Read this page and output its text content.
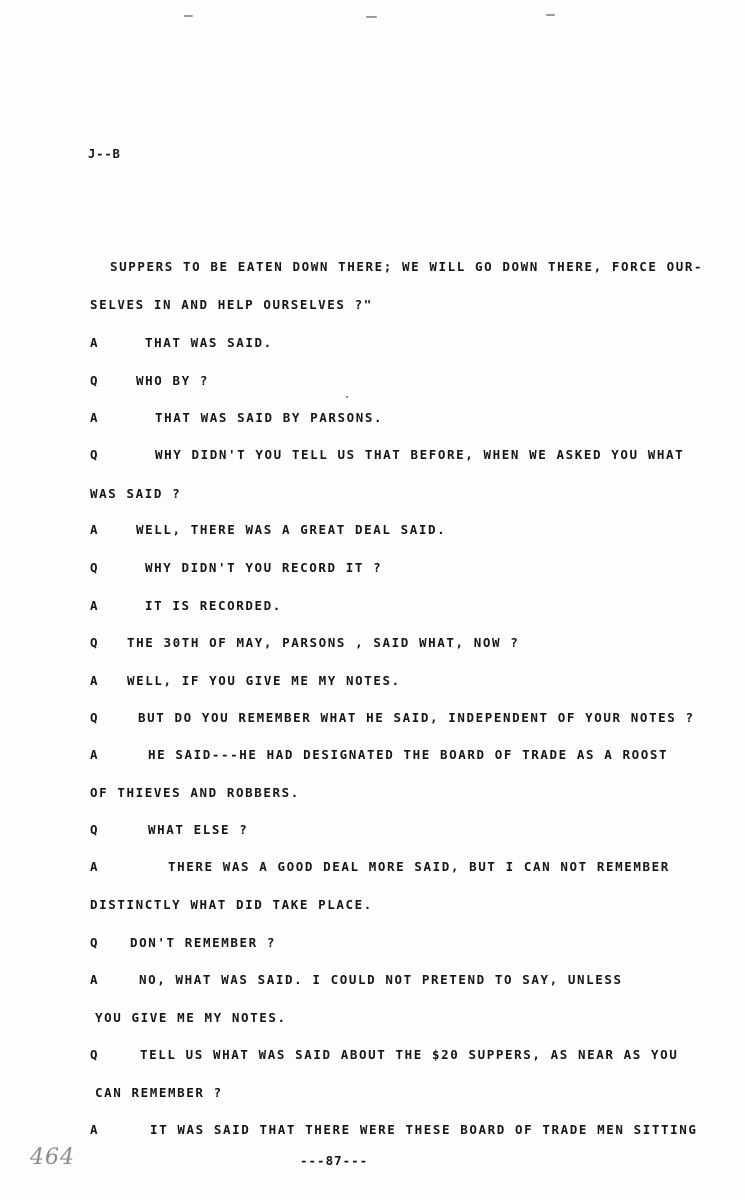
J--B
SUPPERS TO BE EATEN DOWN THERE; WE WILL GO DOWN THERE, FORCE OUR-
SELVES IN AND HELP OURSELVES ?"
A	THAT WAS SAID.
Q	WHO BY ?
A	THAT WAS SAID BY PARSONS.
Q	WHY DIDN'T YOU TELL US THAT BEFORE, WHEN WE ASKED YOU WHAT
WAS SAID ?
A	WELL, THERE WAS A GREAT DEAL SAID.
Q	WHY DIDN'T YOU RECORD IT ?
A	IT IS RECORDED.
Q THE 30TH OF MAY, PARSONS , SAID WHAT, NOW ?
A WELL, IF YOU GIVE ME MY NOTES.
Q	BUT DO YOU REMEMBER WHAT HE SAID, INDEPENDENT OF YOUR NOTES ?
A	HE SAID---HE HAD DESIGNATED THE BOARD OF TRADE AS A ROOST
OF THIEVES AND ROBBERS.
Q	WHAT ELSE ?
A	THERE WAS A GOOD DEAL MORE SAID, BUT I CAN NOT REMEMBER
DISTINCTLY WHAT DID TAKE PLACE.
Q	DON'T REMEMBER ?
A	NO, WHAT WAS SAID. I COULD NOT PRETEND TO SAY, UNLESS
YOU GIVE ME MY NOTES.
Q	TELL US WHAT WAS SAID ABOUT THE $20 SUPPERS, AS NEAR AS YOU
CAN REMEMBER ?
A	IT WAS SAID THAT THERE WERE THESE BOARD OF TRADE MEN SITTING
---87---
464
